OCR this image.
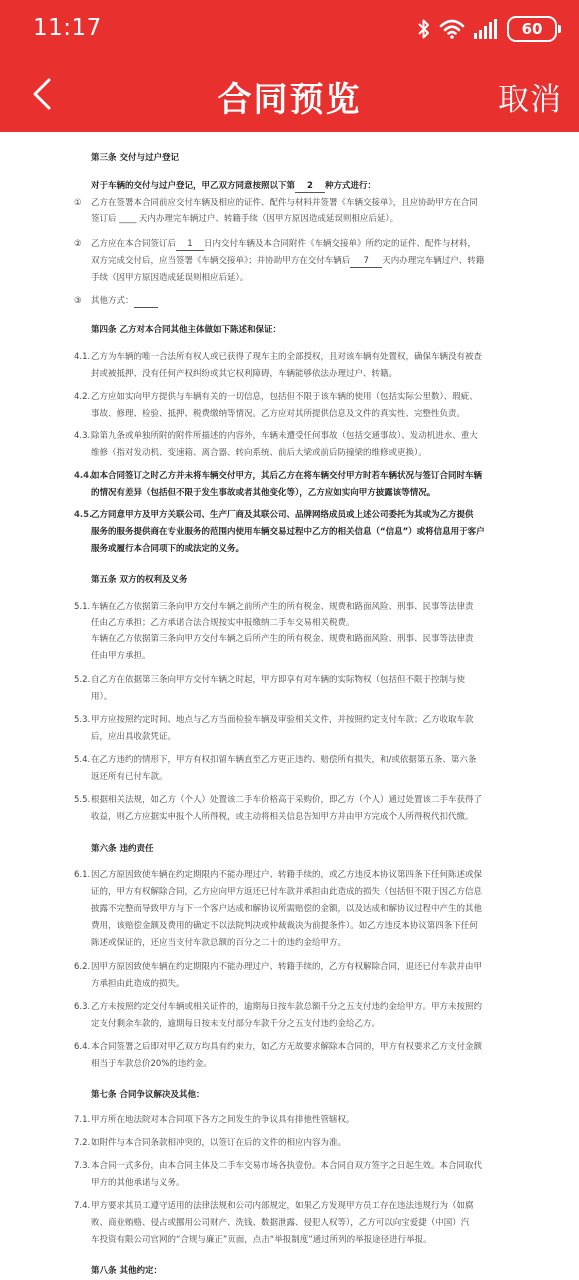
11:17	60
合同预览	取消
第三条 交付与过户登记
对于车辆的交付与过户登记，甲乙双方同意按照以下第 2 种方式进行：
① 乙方在签署本合同前应交付车辆及相应的证件、配件与材料并签署《车辆交接单》，且应协助甲方在合同
签订后 ____ 天内办理完车辆过户、转籍手续（因甲方原因造成延误则相应后延）。
② 乙方应在本合同签订后 1 日内交付车辆及本合同附件《车辆交接单》所约定的证件、配件与材料，
双方完成交付后，应当签署《车辆交接单》；并协助甲方在交付车辆后 7 天内办理完车辆过户、转籍
手续（因甲方原因造成延误则相应后延）。
③ 其他方式：
第四条 乙方对本合同其他主体做如下陈述和保证：
4.1. 乙方为车辆的唯一合法所有权人或已获得了现车主的全部授权，且对该车辆有处置权，确保车辆没有被查
封或被抵押、没有任何产权纠纷或其它权利障碍，车辆能够依法办理过户、转籍。
4.2. 乙方应如实向甲方提供与车辆有关的一切信息，包括但不限于该车辆的使用（包括实际公里数）、瑕疵、
事故、修理、检验、抵押、税费缴纳等情况。乙方应对其所提供信息及文件的真实性、完整性负责。
4.3. 除第九条或单独所附的附件所描述的内容外，车辆未遭受任何事故（包括交通事故）、发动机进水、重大
维修（指对发动机、变速箱、离合器、转向系统、前后大梁或前后防撞梁的维修或更换）。
4.4.
如本合同签订之时乙方并未将车辆交付甲方，其后乙方在将车辆交付甲方时若车辆状况与签订合同时车辆
的情况有差异（包括但不限于发生事故或者其他变化等），乙方应如实向甲方披露该等情况。
4.5.
乙方同意甲方及甲方关联公司、生产厂商及其联公司、品牌网络成员或上述公司委托为其或为乙方提供
服务的服务提供商在专业服务的范围内使用车辆交易过程中乙方的相关信息（“信息”）或将信息用于客户
服务或履行本合同项下的或法定的义务。
第五条 双方的权利及义务
5.1. 车辆在乙方依据第三条向甲方交付车辆之前所产生的所有税金、规费和路面风险、刑事、民事等法律责
任由乙方承担；乙方承诺合法合规按实申报缴纳二手车交易相关税费。
车辆在乙方依据第三条向甲方交付车辆之后所产生的所有税金、规费和路面风险、刑事、民事等法律责
任由甲方承担。
5.2. 自乙方在依据第三条向甲方交付车辆之时起，甲方即享有对车辆的实际物权（包括但不限于控制与使
用）。
5.3. 甲方应按照约定时间、地点与乙方当面检验车辆及审验相关文件，并按照约定支付车款；乙方收取车款
后，应出具收款凭证。
5.4. 在乙方违约的情形下，甲方有权扣留车辆直至乙方更正违约、赔偿所有损失，和/或依据第五条、第六条
返还所有已付车款。
5.5. 根据相关法规，如乙方（个人）处置该二手车价格高于采购价，即乙方（个人）通过处置该二手车获得了
收益，则乙方应据实申报个人所得税，或主动将相关信息告知甲方并由甲方完成个人所得税代扣代缴。
第六条 违约责任
6.1. 因乙方原因致使车辆在约定期限内不能办理过户、转籍手续的，或乙方违反本协议第四条下任何陈述或保
证的，甲方有权解除合同，乙方应向甲方返还已付车款并承担由此造成的损失（包括但不限于因乙方信息
披露不完整而导致甲方与下一个客户达成和解协议所需赔偿的金额，以及达成和解协议过程中产生的其他
费用，该赔偿金额及费用的确定不以法院判决或仲裁裁决为前提条件）。如乙方违反本协议第四条下任何
陈述或保证的，还应当支付车款总额的百分之二十的违约金给甲方。
6.2. 因甲方原因致使车辆在约定期限内不能办理过户、转籍手续的，乙方有权解除合同，退还已付车款并由甲
方承担由此造成的损失。
6.3. 乙方未按照约定交付车辆或相关证件的，逾期每日按车款总额千分之五支付违约金给甲方。甲方未按照约
定支付剩余车款的，逾期每日按未支付部分车款千分之五支付违约金给乙方。
6.4. 本合同签署之后即对甲乙双方均具有约束力，如乙方无故要求解除本合同的，甲方有权要求乙方支付金额
相当于车款总价20%的违约金。
第七条 合同争议解决及其他：
7.1. 甲方所在地法院对本合同项下各方之间发生的争议具有排他性管辖权。
7.2. 如附件与本合同条款相冲突的，以签订在后的文件的相应内容为准。
7.3. 本合同一式多份，由本合同主体及二手车交易市场各执壹份。本合同自双方签字之日起生效。本合同取代
甲方的其他承诺与义务。
7.4. 甲方要求其员工遵守适用的法律法规和公司内部规定，如果乙方发现甲方员工存在违法违规行为（如腐
败、商业贿赂、侵占或挪用公司财产、洗钱、数据泄露、侵犯人权等），乙方可以向宝爱捷（中国）汽
车投资有限公司官网的“合规与廉正”页面，点击“举报制度”通过所列的举报途径进行举报。
第八条 其他约定：
